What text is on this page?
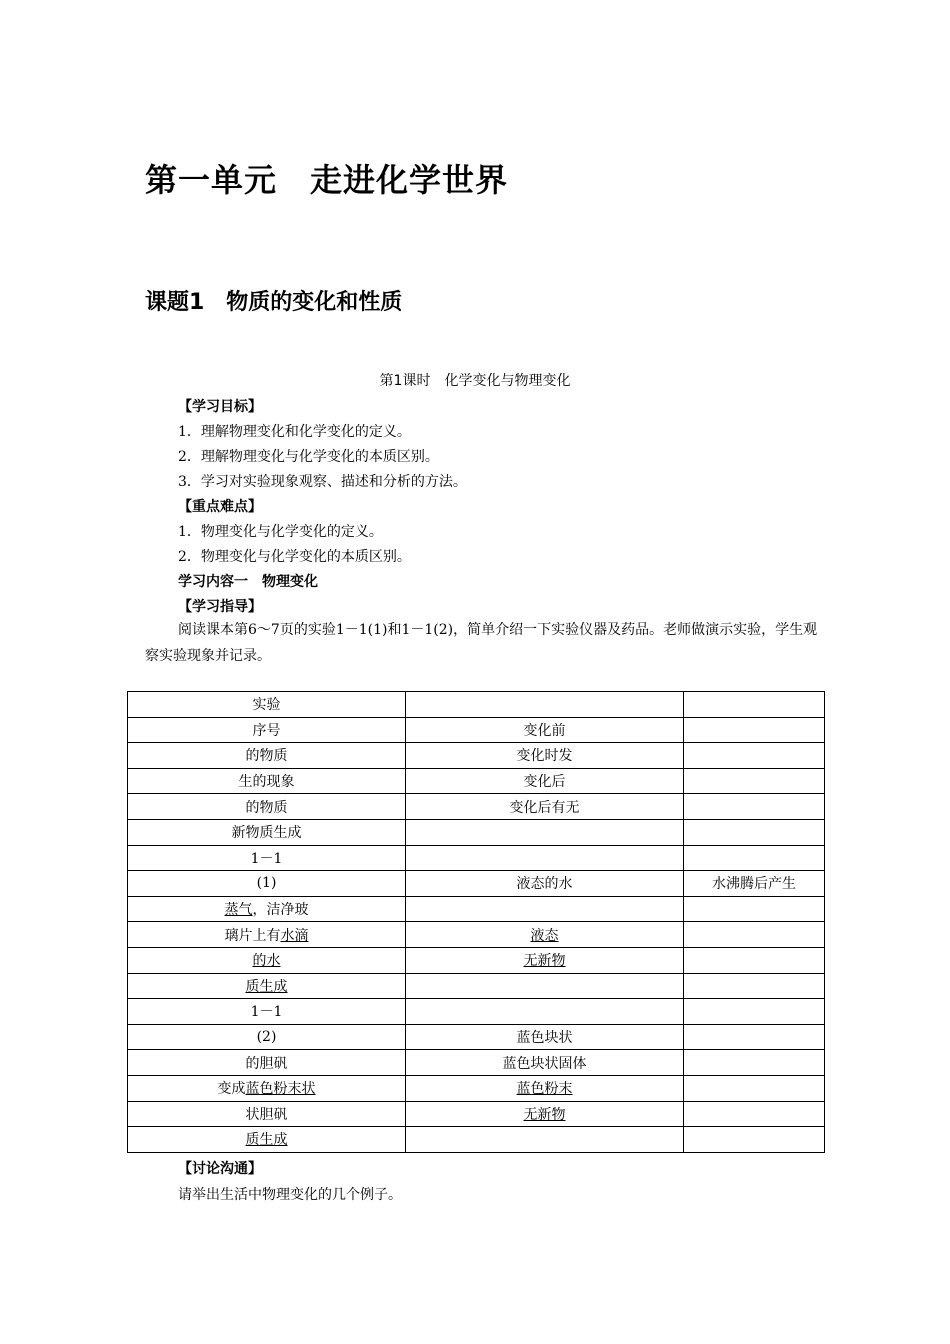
第一单元　走进化学世界
课题1　物质的变化和性质
第1课时　化学变化与物理变化
【学习目标】
1．理解物理变化和化学变化的定义。
2．理解物理变化与化学变化的本质区别。
3．学习对实验现象观察、描述和分析的方法。
【重点难点】
1．物理变化与化学变化的定义。
2．物理变化与化学变化的本质区别。
学习内容一　物理变化
【学习指导】
阅读课本第6～7页的实验1－1(1)和1－1(2)，简单介绍一下实验仪器及药品。老师做演示实验，学生观察实验现象并记录。
实验		
序号	变化前	
的物质	变化时发	
生的现象	变化后	
的物质	变化后有无	
新物质生成		
1－1		
(1)	液态的水	水沸腾后产生
蒸气，洁净玻		
璃片上有水滴	液态	
的水	无新物	
质生成		
1－1		
(2)	蓝色块状	
的胆矾	蓝色块状固体	
变成蓝色粉末状	蓝色粉末	
状胆矾	无新物	
质生成		
【讨论沟通】
请举出生活中物理变化的几个例子。
